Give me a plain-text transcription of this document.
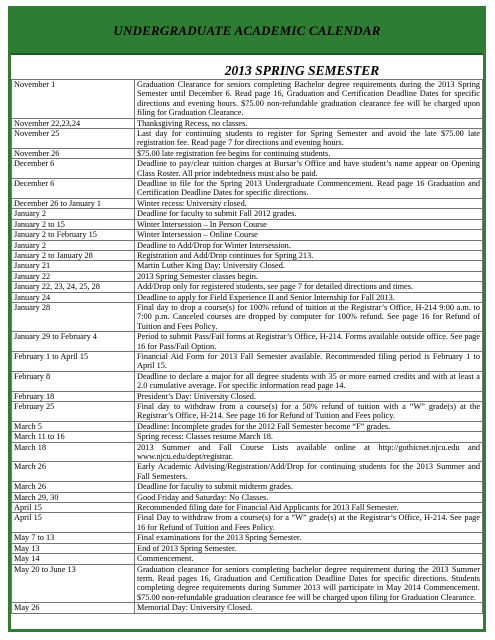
UNDERGRADUATE ACADEMIC CALENDAR
2013 SPRING SEMESTER
November 1	Graduation Clearance for seniors completing Bachelor degree requirements during the 2013 Spring Semester until December 6. Read page 16, Graduation and Certification Deadline Dates for specific directions and evening hours. $75.00 non-refundable graduation clearance fee will be charged upon filing for Graduation Clearance.
November 22,23,24	Thanksgiving Recess, no classes.
November 25	Last day for continuing students to register for Spring Semester and avoid the late $75.00 late registration fee. Read page 7 for directions and evening hours.
November 26	$75.00 late registration fee begins for continuing students.
December 6	Deadline to pay/clear tuition charges at Bursar’s Office and have student’s name appear on Opening Class Roster. All prior indebtedness must also be paid.
December 6	Deadline to file for the Spring 2013 Undergraduate Commencement. Read page 16 Graduation and Certification Deadline Dates for specific directions.
December 26 to January 1	Winter recess: University closed.
January 2	Deadline for faculty to submit Fall 2012 grades.
January 2 to 15	Winter Intersession – In Person Course
January 2 to February 15	Winter Intersession – Online Course
January 2	Deadline to Add/Drop for Winter Intersession.
January 2 to January 28	Registration and Add/Drop continues for Spring 213.
January 21	Martin Luther King Day: University Closed.
January 22	2013 Spring Semester classes begin.
January 22, 23, 24, 25, 28	Add/Drop only for registered students, see page 7 for detailed directions and times.
January 24	Deadline to apply for Field Experience II and Senior Internship for Fall 2013.
January 28	Final day to drop a course(s) for 100% refund of tuition at the Registrar’s Office, H-214 9:00 a.m. to 7:00 p.m. Canceled courses are dropped by computer for 100% refund. See page 16 for Refund of Tuition and Fees Policy.
January 29 to February 4	Period to submit Pass/Fail forms at Registrar’s Office, H-214. Forms available outside office. See page 16 for Pass/Fail Option.
February 1 to April 15	Financial Aid Form for 2013 Fall Semester available. Recommended filing period is February 1 to April 15.
February 8	Deadline to declare a major for all degree students with 35 or more earned credits and with at least a 2.0 cumulative average. For specific information read page 14.
February 18	President’s Day: University Closed.
February 25	Final day to withdraw from a course(s) for a 50% refund of tuition with a “W” grade(s) at the Registrar’s Office, H-214. See page 16 for Refund of Tuition and Fees policy.
March 5	Deadline: Incomplete grades for the 2012 Fall Semester become “F” grades.
March 11 to 16	Spring recess: Classes resume March 18.
March 18	2013 Summer and Fall Course Lists available online at http://gothicnet.njcu.edu and www.njcu.edu/dept/registrar.
March 26	Early Academic Advising/Registration/Add/Drop for continuing students for the 2013 Summer and Fall Semesters.
March 26	Deadline for faculty to submit midterm grades.
March 29, 30	Good Friday and Saturday: No Classes.
April 15	Recommended filing date for Financial Aid Applicants for 2013 Fall Semester.
April 15	Final Day to withdraw from a course(s) for a “W” grade(s) at the Registrar’s Office, H-214. See page 16 for Refund of Tuition and Fees Policy.
May 7 to 13	Final examinations for the 2013 Spring Semester.
May 13	End of 2013 Spring Semester.
May 14	Commencement.
May 20 to June 13	Graduation clearance for seniors completing bachelor degree requirement during the 2013 Summer term. Read pages 16, Graduation and Certification Deadline Dates for specific directions. Students completing degree requirements during Summer 2013 will participate in May 2014 Commencement. $75.00 non-refundable graduation clearance fee will be charged upon filing for Graduation Clearance.
May 26	Memorial Day: University Closed.
